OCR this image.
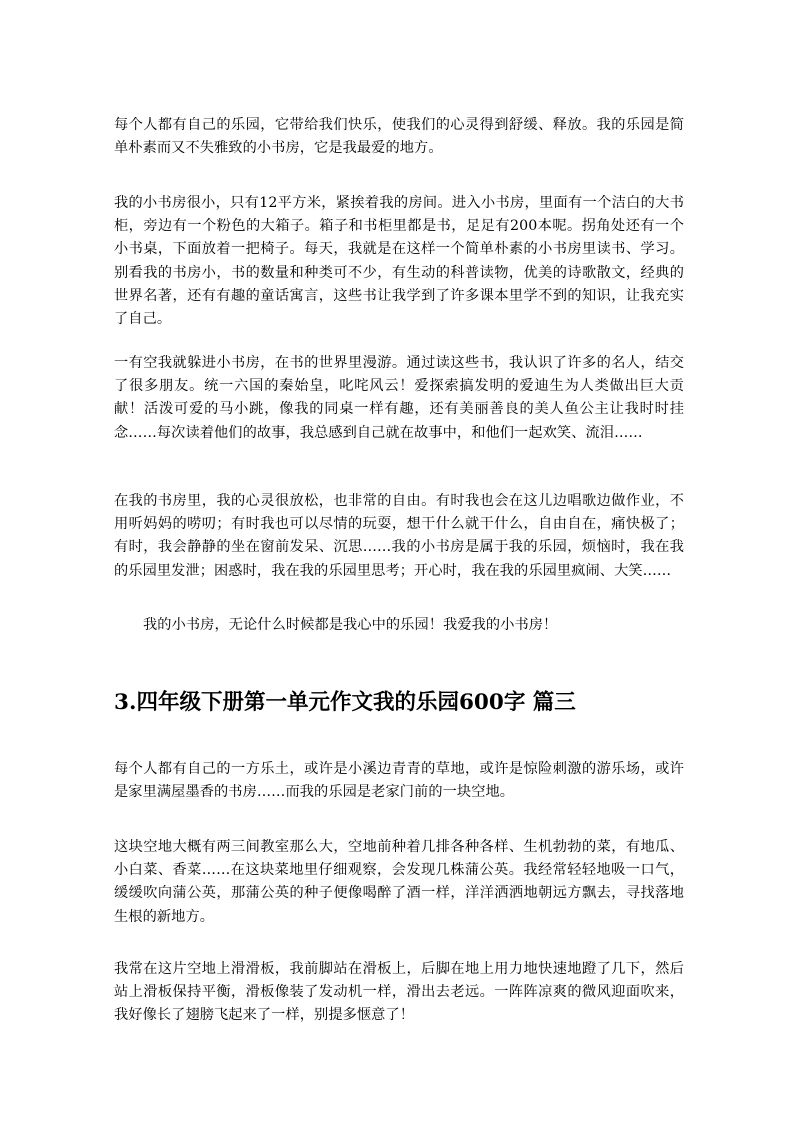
每个人都有自己的乐园，它带给我们快乐，使我们的心灵得到舒缓、释放。我的乐园是简单朴素而又不失雅致的小书房，它是我最爱的地方。

我的小书房很小，只有12平方米，紧挨着我的房间。进入小书房，里面有一个洁白的大书柜，旁边有一个粉色的大箱子。箱子和书柜里都是书，足足有200本呢。拐角处还有一个小书桌，下面放着一把椅子。每天，我就是在这样一个简单朴素的小书房里读书、学习。别看我的书房小，书的数量和种类可不少，有生动的科普读物，优美的诗歌散文，经典的世界名著，还有有趣的童话寓言，这些书让我学到了许多课本里学不到的知识，让我充实了自己。

一有空我就躲进小书房，在书的世界里漫游。通过读这些书，我认识了许多的名人，结交了很多朋友。统一六国的秦始皇，叱咤风云！爱探索搞发明的爱迪生为人类做出巨大贡献！活泼可爱的马小跳，像我的同桌一样有趣，还有美丽善良的美人鱼公主让我时时挂念……每次读着他们的故事，我总感到自己就在故事中，和他们一起欢笑、流泪……

在我的书房里，我的心灵很放松，也非常的自由。有时我也会在这儿边唱歌边做作业，不用听妈妈的唠叨；有时我也可以尽情的玩耍，想干什么就干什么，自由自在，痛快极了；有时，我会静静的坐在窗前发呆、沉思……我的小书房是属于我的乐园，烦恼时，我在我的乐园里发泄；困惑时，我在我的乐园里思考；开心时，我在我的乐园里疯闹、大笑……

我的小书房，无论什么时候都是我心中的乐园！我爱我的小书房！

3.四年级下册第一单元作文我的乐园600字 篇三

每个人都有自己的一方乐土，或许是小溪边青青的草地，或许是惊险刺激的游乐场，或许是家里满屋墨香的书房……而我的乐园是老家门前的一块空地。

这块空地大概有两三间教室那么大，空地前种着几排各种各样、生机勃勃的菜，有地瓜、小白菜、香菜……在这块菜地里仔细观察，会发现几株蒲公英。我经常轻轻地吸一口气，缓缓吹向蒲公英，那蒲公英的种子便像喝醉了酒一样，洋洋洒洒地朝远方飘去，寻找落地生根的新地方。

我常在这片空地上滑滑板，我前脚站在滑板上，后脚在地上用力地快速地蹬了几下，然后站上滑板保持平衡，滑板像装了发动机一样，滑出去老远。一阵阵凉爽的微风迎面吹来，我好像长了翅膀飞起来了一样，别提多惬意了！
